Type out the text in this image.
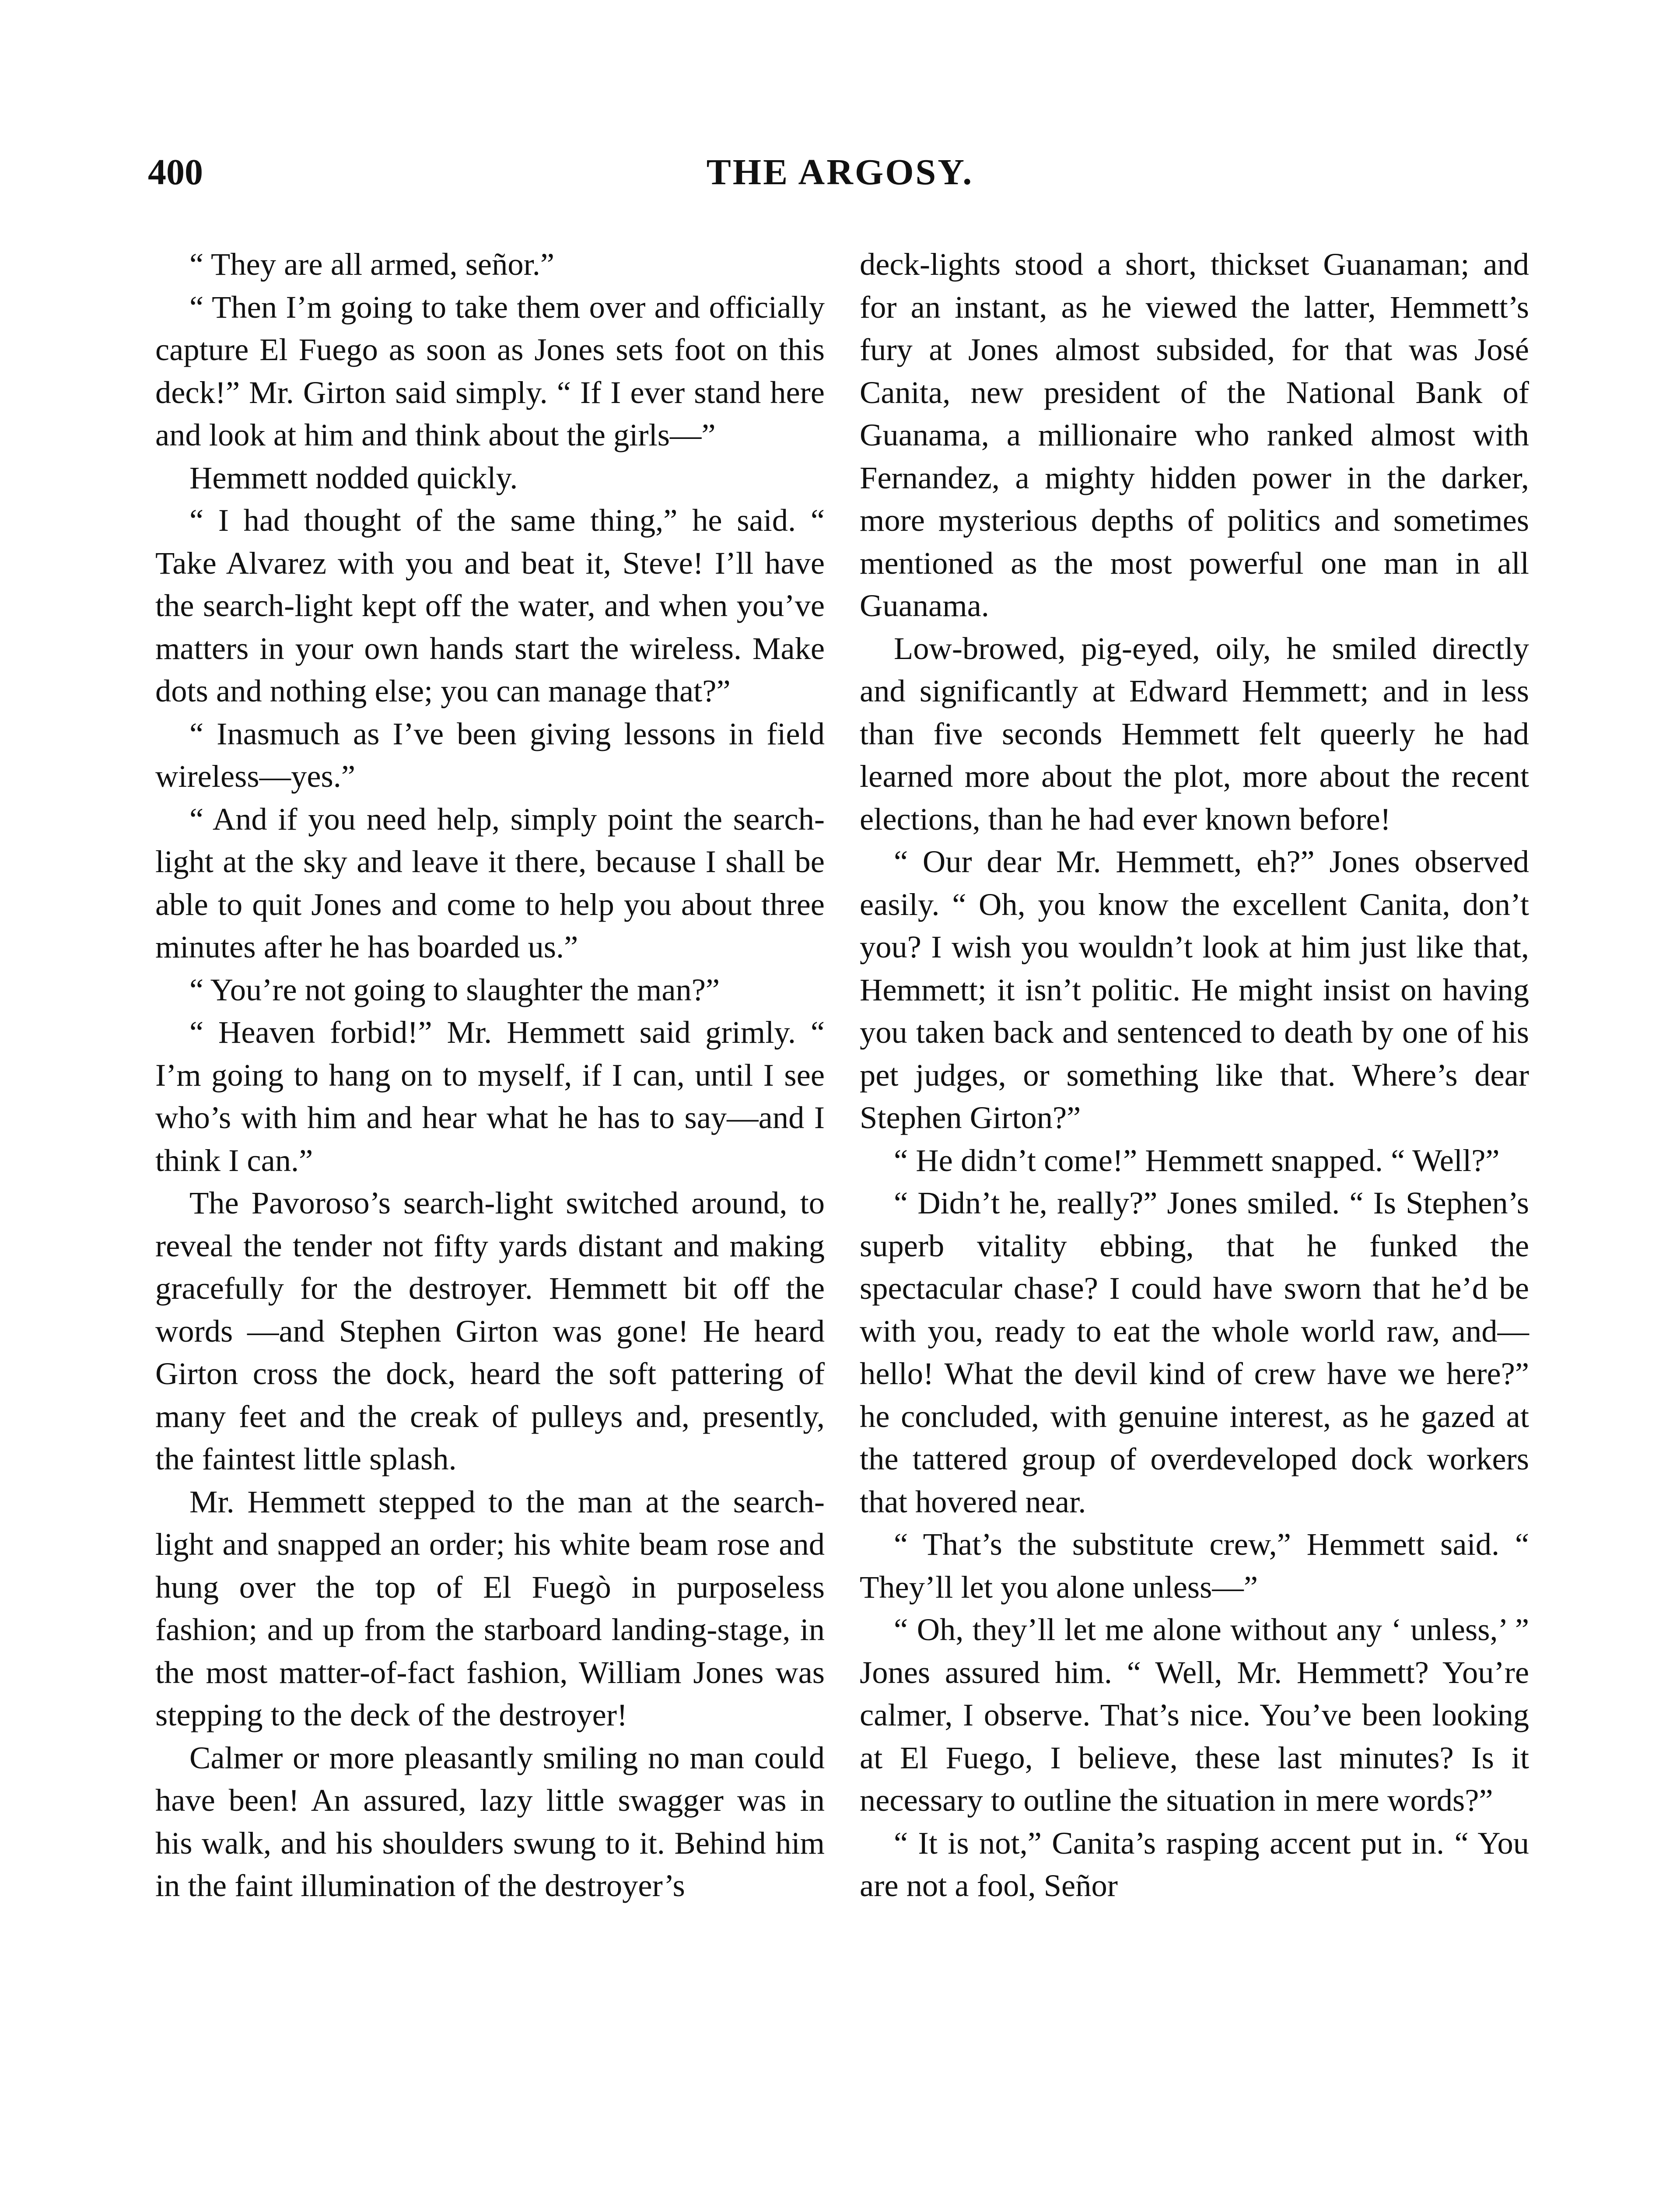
400	THE ARGOSY.

“ They are all armed, señor.”

“ Then I’m going to take them over and officially capture El Fuego as soon as Jones sets foot on this deck!” Mr. Girton said simply. “ If I ever stand here and look at him and think about the girls—”

Hemmett nodded quickly.

“ I had thought of the same thing,” he said. “ Take Alvarez with you and beat it, Steve! I’ll have the search-light kept off the water, and when you’ve matters in your own hands start the wireless. Make dots and nothing else; you can manage that?”

“ Inasmuch as I’ve been giving lessons in field wireless—yes.”

“ And if you need help, simply point the search-light at the sky and leave it there, because I shall be able to quit Jones and come to help you about three minutes after he has boarded us.”

“ You’re not going to slaughter the man?”

“ Heaven forbid!” Mr. Hemmett said grimly. “ I’m going to hang on to myself, if I can, until I see who’s with him and hear what he has to say—and I think I can.”

The Pavoroso’s search-light switched around, to reveal the tender not fifty yards distant and making gracefully for the destroyer. Hemmett bit off the words —and Stephen Girton was gone! He heard Girton cross the dock, heard the soft pattering of many feet and the creak of pulleys and, presently, the faintest little splash.

Mr. Hemmett stepped to the man at the search-light and snapped an order; his white beam rose and hung over the top of El Fuegò in purposeless fashion; and up from the starboard landing-stage, in the most matter-of-fact fashion, William Jones was stepping to the deck of the destroyer!

Calmer or more pleasantly smiling no man could have been! An assured, lazy little swagger was in his walk, and his shoulders swung to it. Behind him in the faint illumination of the destroyer’s

deck-lights stood a short, thickset Guanaman; and for an instant, as he viewed the latter, Hemmett’s fury at Jones almost subsided, for that was José Canita, new president of the National Bank of Guanama, a millionaire who ranked almost with Fernandez, a mighty hidden power in the darker, more mysterious depths of politics and sometimes mentioned as the most powerful one man in all Guanama.

Low-browed, pig-eyed, oily, he smiled directly and significantly at Edward Hemmett; and in less than five seconds Hemmett felt queerly he had learned more about the plot, more about the recent elections, than he had ever known before!

“ Our dear Mr. Hemmett, eh?” Jones observed easily. “ Oh, you know the excellent Canita, don’t you? I wish you wouldn’t look at him just like that, Hemmett; it isn’t politic. He might insist on having you taken back and sentenced to death by one of his pet judges, or something like that. Where’s dear Stephen Girton?”

“ He didn’t come!” Hemmett snapped. “ Well?”

“ Didn’t he, really?” Jones smiled. “ Is Stephen’s superb vitality ebbing, that he funked the spectacular chase? I could have sworn that he’d be with you, ready to eat the whole world raw, and—hello! What the devil kind of crew have we here?” he concluded, with genuine interest, as he gazed at the tattered group of overdeveloped dock workers that hovered near.

“ That’s the substitute crew,” Hemmett said. “ They’ll let you alone unless—”

“ Oh, they’ll let me alone without any ‘ unless,’ ” Jones assured him. “ Well, Mr. Hemmett? You’re calmer, I observe. That’s nice. You’ve been looking at El Fuego, I believe, these last minutes? Is it necessary to outline the situation in mere words?”

“ It is not,” Canita’s rasping accent put in. “ You are not a fool, Señor
